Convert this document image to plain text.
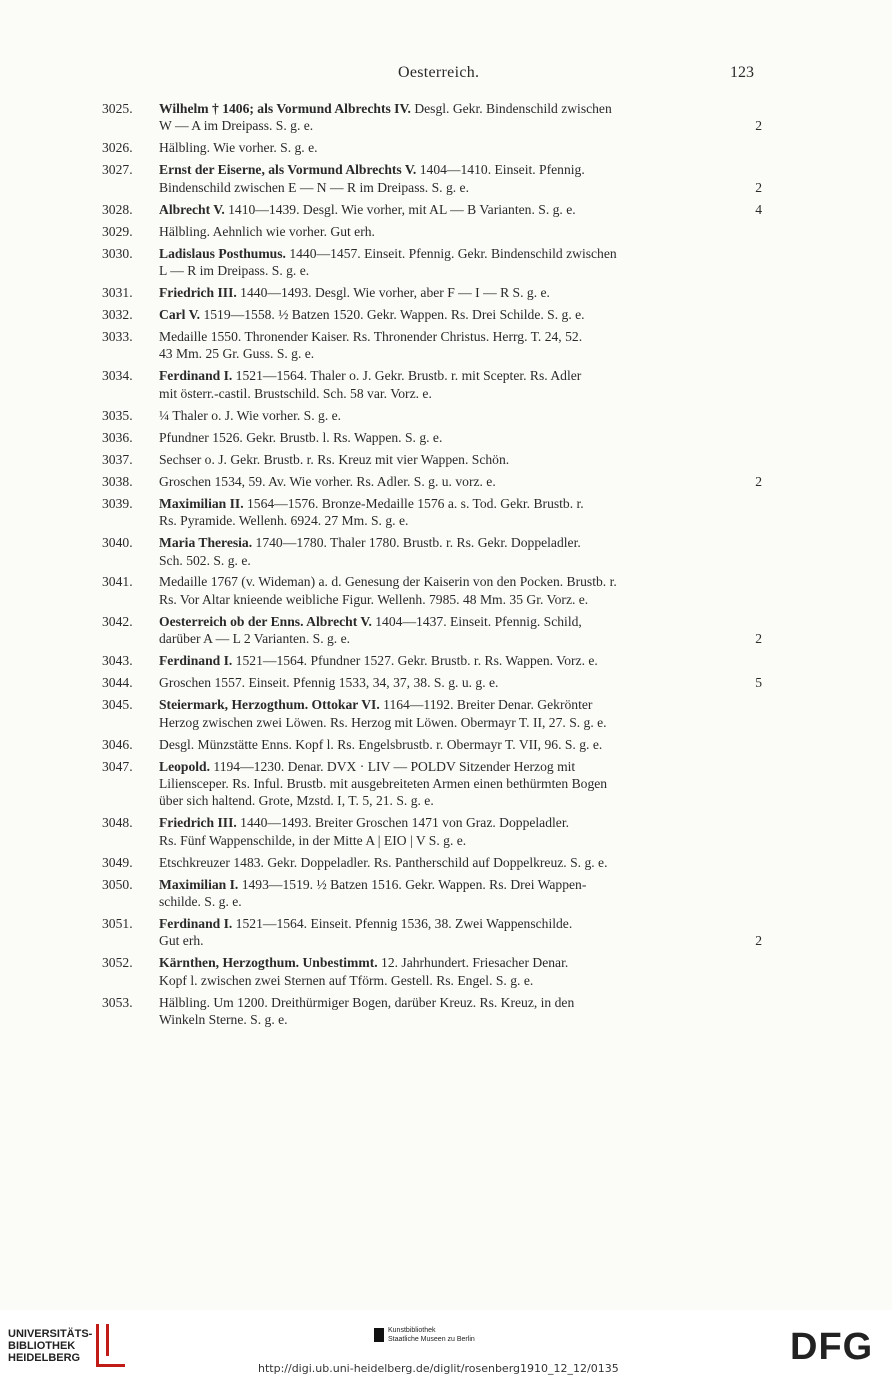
Oesterreich.	123
3025.	Wilhelm † 1406; als Vormund Albrechts IV. Desgl. Gekr. Bindenschild zwischen
W — A im Dreipass. S. g. e.	2
3026.	Hälbling. Wie vorher. S. g. e.
3027.	Ernst der Eiserne, als Vormund Albrechts V. 1404—1410. Einseit. Pfennig.
Bindenschild zwischen E — N — R im Dreipass. S. g. e.	2
3028.	Albrecht V. 1410—1439. Desgl. Wie vorher, mit AL — B Varianten. S. g. e.	4
3029.	Hälbling. Aehnlich wie vorher. Gut erh.
3030.	Ladislaus Posthumus. 1440—1457. Einseit. Pfennig. Gekr. Bindenschild zwischen
L — R im Dreipass. S. g. e.
3031.	Friedrich III. 1440—1493. Desgl. Wie vorher, aber F — I — R S. g. e.
3032.	Carl V. 1519—1558. ½ Batzen 1520. Gekr. Wappen. Rs. Drei Schilde. S. g. e.
3033.	Medaille 1550. Thronender Kaiser. Rs. Thronender Christus. Herrg. T. 24, 52.
43 Mm. 25 Gr. Guss. S. g. e.
3034.	Ferdinand I. 1521—1564. Thaler o. J. Gekr. Brustb. r. mit Scepter. Rs. Adler
mit österr.-castil. Brustschild. Sch. 58 var. Vorz. e.
3035.	¼ Thaler o. J. Wie vorher. S. g. e.
3036.	Pfundner 1526. Gekr. Brustb. l. Rs. Wappen. S. g. e.
3037.	Sechser o. J. Gekr. Brustb. r. Rs. Kreuz mit vier Wappen. Schön.
3038.	Groschen 1534, 59. Av. Wie vorher. Rs. Adler. S. g. u. vorz. e.	2
3039.	Maximilian II. 1564—1576. Bronze-Medaille 1576 a. s. Tod. Gekr. Brustb. r.
Rs. Pyramide. Wellenh. 6924. 27 Mm. S. g. e.
3040.	Maria Theresia. 1740—1780. Thaler 1780. Brustb. r. Rs. Gekr. Doppeladler.
Sch. 502. S. g. e.
3041.	Medaille 1767 (v. Wideman) a. d. Genesung der Kaiserin von den Pocken. Brustb. r.
Rs. Vor Altar knieende weibliche Figur. Wellenh. 7985. 48 Mm. 35 Gr. Vorz. e.
3042.	Oesterreich ob der Enns. Albrecht V. 1404—1437. Einseit. Pfennig. Schild,
darüber A — L 2 Varianten. S. g. e.	2
3043.	Ferdinand I. 1521—1564. Pfundner 1527. Gekr. Brustb. r. Rs. Wappen. Vorz. e.
3044.	Groschen 1557. Einseit. Pfennig 1533, 34, 37, 38. S. g. u. g. e.	5
3045.	Steiermark, Herzogthum. Ottokar VI. 1164—1192. Breiter Denar. Gekrönter
Herzog zwischen zwei Löwen. Rs. Herzog mit Löwen. Obermayr T. II, 27. S. g. e.
3046.	Desgl. Münzstätte Enns. Kopf l. Rs. Engelsbrustb. r. Obermayr T. VII, 96. S. g. e.
3047.	Leopold. 1194—1230. Denar. DVX · LIV — POLDV Sitzender Herzog mit
Liliensceper. Rs. Inful. Brustb. mit ausgebreiteten Armen einen bethürmten Bogen
über sich haltend. Grote, Mzstd. I, T. 5, 21. S. g. e.
3048.	Friedrich III. 1440—1493. Breiter Groschen 1471 von Graz. Doppeladler.
Rs. Fünf Wappenschilde, in der Mitte A | EIO | V S. g. e.
3049.	Etschkreuzer 1483. Gekr. Doppeladler. Rs. Pantherschild auf Doppelkreuz. S. g. e.
3050.	Maximilian I. 1493—1519. ½ Batzen 1516. Gekr. Wappen. Rs. Drei Wappen-
schilde. S. g. e.
3051.	Ferdinand I. 1521—1564. Einseit. Pfennig 1536, 38. Zwei Wappenschilde.
Gut erh.	2
3052.	Kärnthen, Herzogthum. Unbestimmt. 12. Jahrhundert. Friesacher Denar.
Kopf l. zwischen zwei Sternen auf Tförm. Gestell. Rs. Engel. S. g. e.
3053.	Hälbling. Um 1200. Dreithürmiger Bogen, darüber Kreuz. Rs. Kreuz, in den
Winkeln Sterne. S. g. e.
UNIVERSITÄTS-
BIBLIOTHEK
HEIDELBERG
Kunstbibliothek
Staatliche Museen zu Berlin	DFG
http://digi.ub.uni-heidelberg.de/diglit/rosenberg1910_12_12/0135
